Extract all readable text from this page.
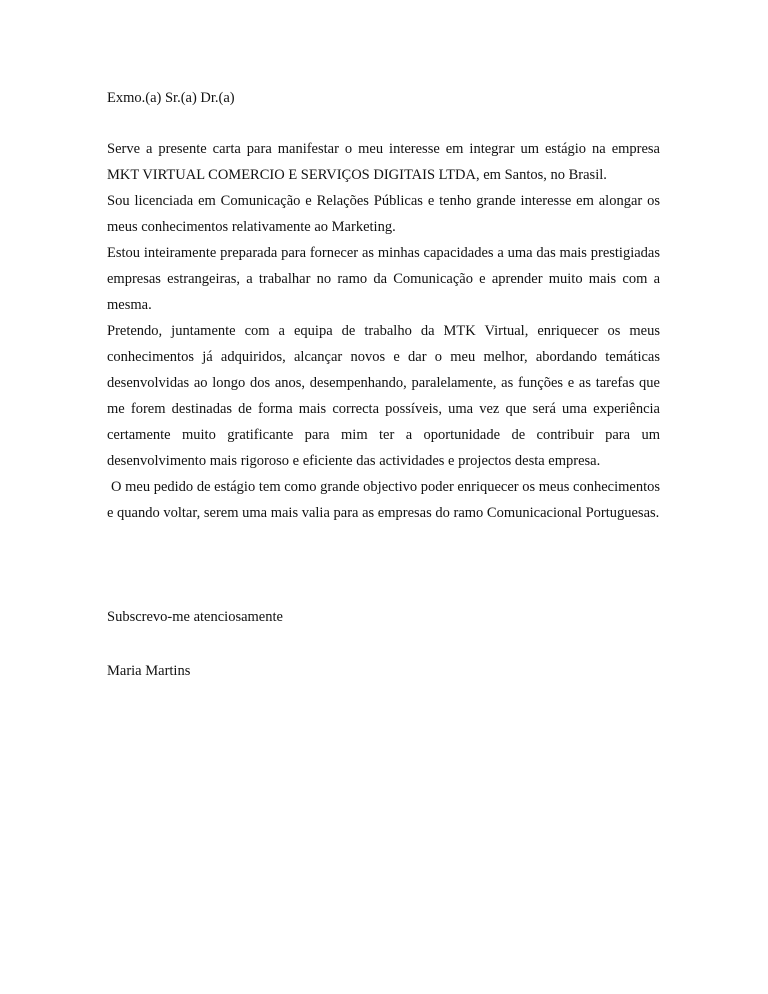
Exmo.(a) Sr.(a) Dr.(a)

Serve a presente carta para manifestar o meu interesse em integrar um estágio na empresa MKT VIRTUAL COMERCIO E SERVIÇOS DIGITAIS LTDA, em Santos, no Brasil.

Sou licenciada em Comunicação e Relações Públicas e tenho grande interesse em alongar os meus conhecimentos relativamente ao Marketing.

Estou inteiramente preparada para fornecer as minhas capacidades a uma das mais prestigiadas empresas estrangeiras, a trabalhar no ramo da Comunicação e aprender muito mais com a mesma.

Pretendo, juntamente com a equipa de trabalho da MTK Virtual, enriquecer os meus conhecimentos já adquiridos, alcançar novos e dar o meu melhor, abordando temáticas desenvolvidas ao longo dos anos, desempenhando, paralelamente, as funções e as tarefas que me forem destinadas de forma mais correcta possíveis, uma vez que será uma experiência certamente muito gratificante para mim ter a oportunidade de contribuir para um desenvolvimento mais rigoroso e eficiente das actividades e projectos desta empresa.

O meu pedido de estágio tem como grande objectivo poder enriquecer os meus conhecimentos e quando voltar, serem uma mais valia para as empresas do ramo Comunicacional Portuguesas.

Subscrevo-me atenciosamente
Maria Martins
